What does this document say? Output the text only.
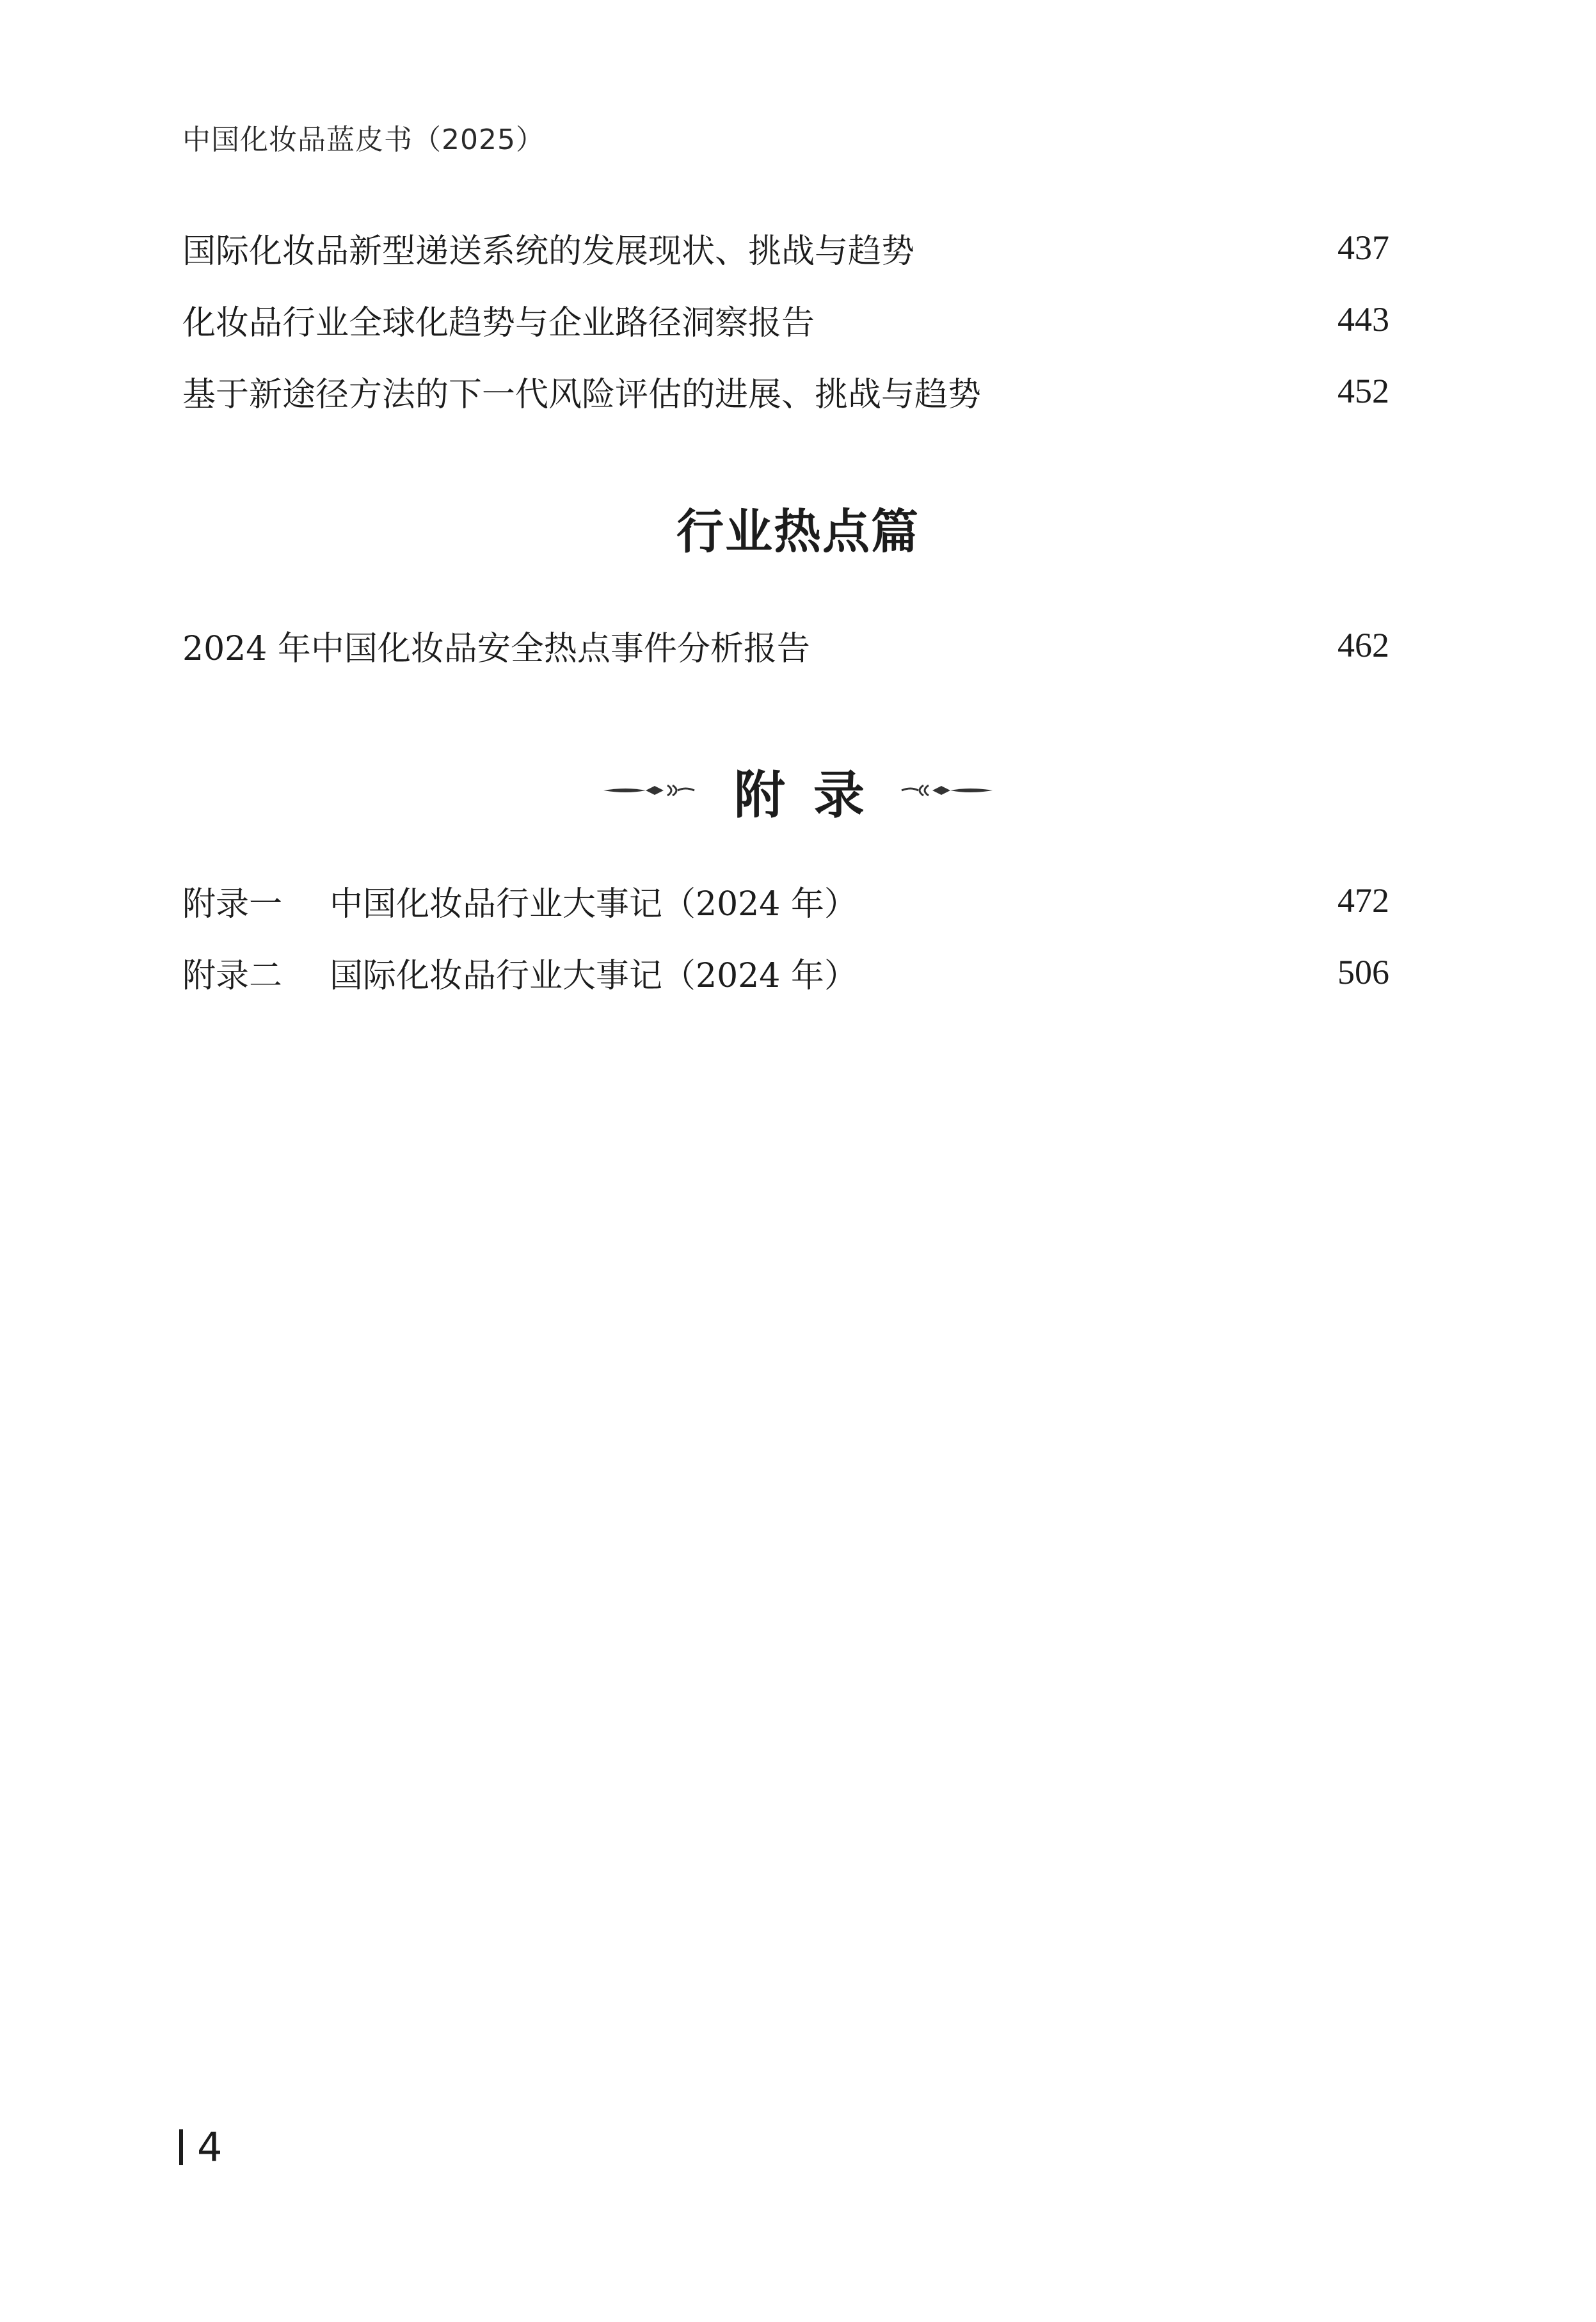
中国化妆品蓝皮书（2025）
国际化妆品新型递送系统的发展现状、挑战与趋势	437
化妆品行业全球化趋势与企业路径洞察报告	443
基于新途径方法的下一代风险评估的进展、挑战与趋势	452
行业热点篇
2024 年中国化妆品安全热点事件分析报告	462
附录
附录一 中国化妆品行业大事记（2024 年）	472
附录二 国际化妆品行业大事记（2024 年）	506
4
